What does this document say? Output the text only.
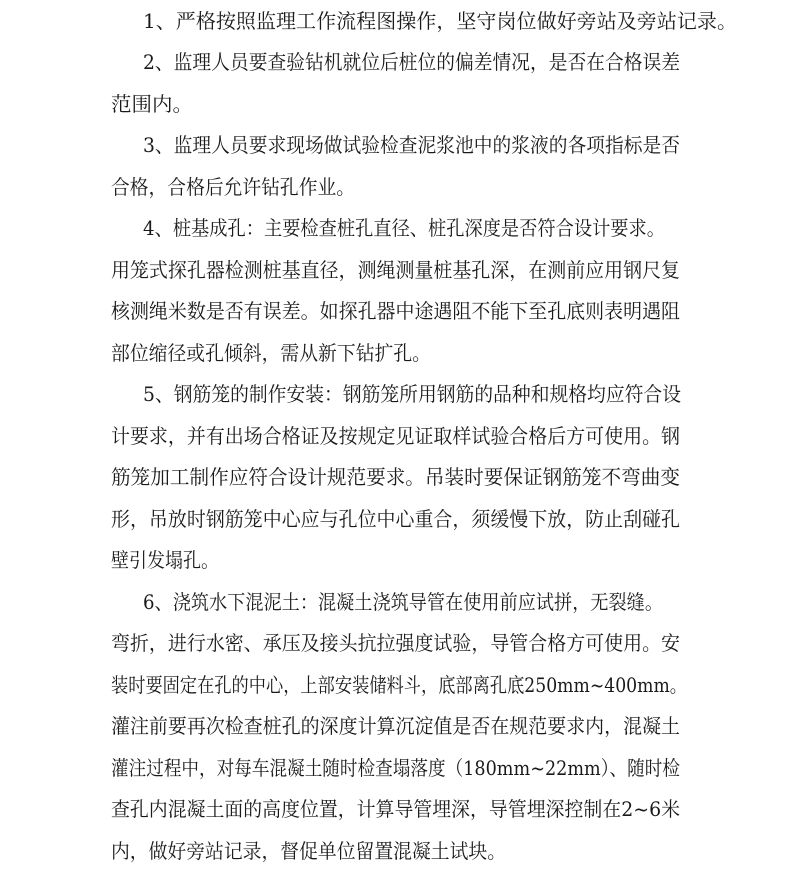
1、严格按照监理工作流程图操作，坚守岗位做好旁站及旁站记录。
2、监理人员要查验钻机就位后桩位的偏差情况，是否在合格误差
范围内。
3、监理人员要求现场做试验检查泥浆池中的浆液的各项指标是否
合格，合格后允许钻孔作业。
4、桩基成孔：主要检查桩孔直径、桩孔深度是否符合设计要求。
用笼式探孔器检测桩基直径，测绳测量桩基孔深，在测前应用钢尺复
核测绳米数是否有误差。如探孔器中途遇阻不能下至孔底则表明遇阻
部位缩径或孔倾斜，需从新下钻扩孔。
5、钢筋笼的制作安装：钢筋笼所用钢筋的品种和规格均应符合设
计要求，并有出场合格证及按规定见证取样试验合格后方可使用。钢
筋笼加工制作应符合设计规范要求。吊装时要保证钢筋笼不弯曲变
形，吊放时钢筋笼中心应与孔位中心重合，须缓慢下放，防止刮碰孔
壁引发塌孔。
6、浇筑水下混泥土：混凝土浇筑导管在使用前应试拼，无裂缝。
弯折，进行水密、承压及接头抗拉强度试验，导管合格方可使用。安
装时要固定在孔的中心，上部安装储料斗，底部离孔底250mm~400mm。
灌注前要再次检查桩孔的深度计算沉淀值是否在规范要求内，混凝土
灌注过程中，对每车混凝土随时检查塌落度（180mm~22mm）、随时检
查孔内混凝土面的高度位置，计算导管埋深，导管埋深控制在2~6米
内，做好旁站记录，督促单位留置混凝土试块。
